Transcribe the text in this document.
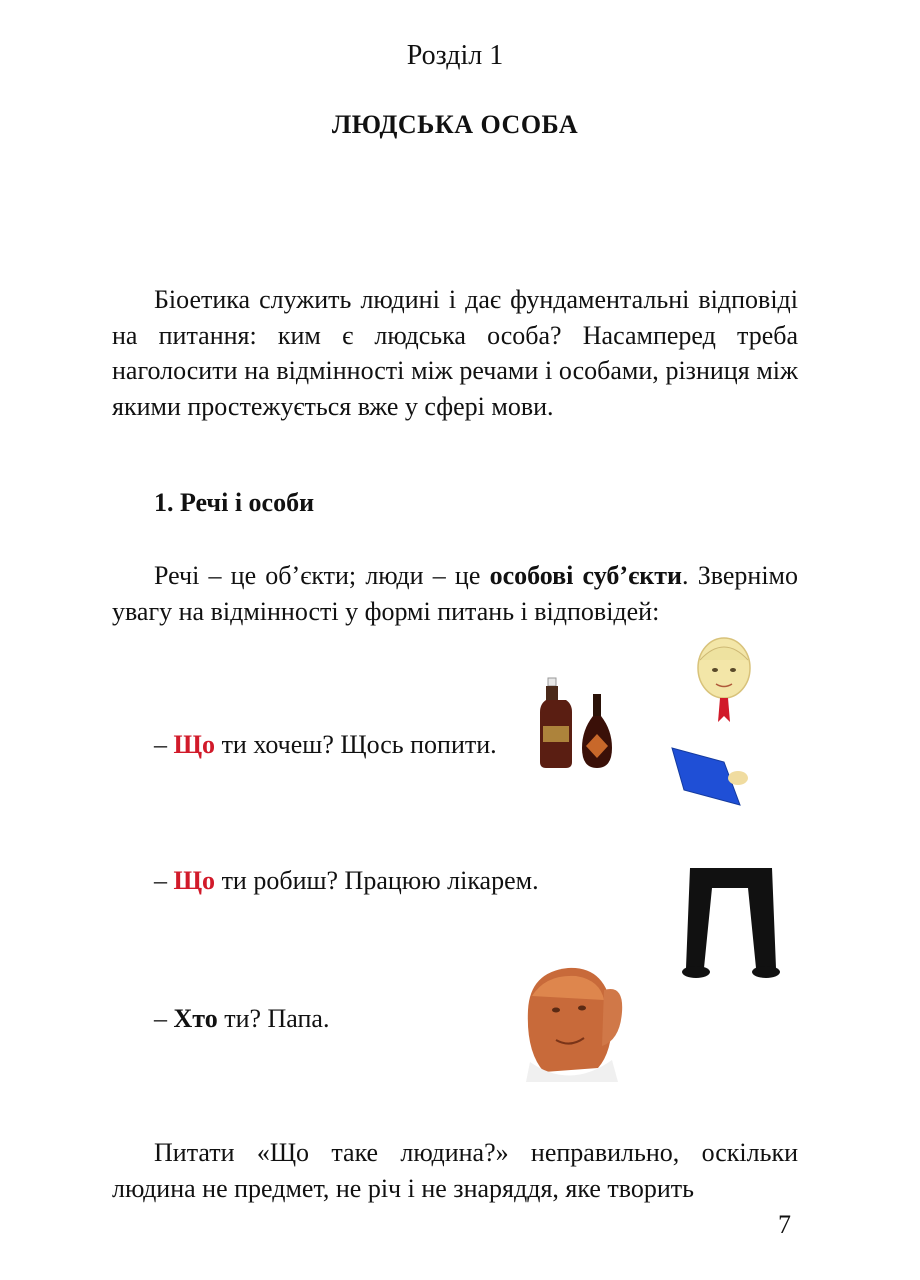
Розділ 1
ЛЮДСЬКА ОСОБА

Біоетика служить людині і дає фундаментальні відповіді на питання: ким є людська особа? Насамперед треба наголосити на відмінності між речами і особами, різниця між якими простежується вже у сфері мови.

1. Речі і особи

Речі – це об’єкти; люди – це особові суб’єкти. Звернімо увагу на відмінності у формі питань і відповідей:

– Що ти хочеш? Щось попити.
– Що ти робиш? Працюю лікарем.
– Хто ти? Папа.

Питати «Що таке людина?» неправильно, оскільки людина не предмет, не річ і не знаряддя, яке творить

7
